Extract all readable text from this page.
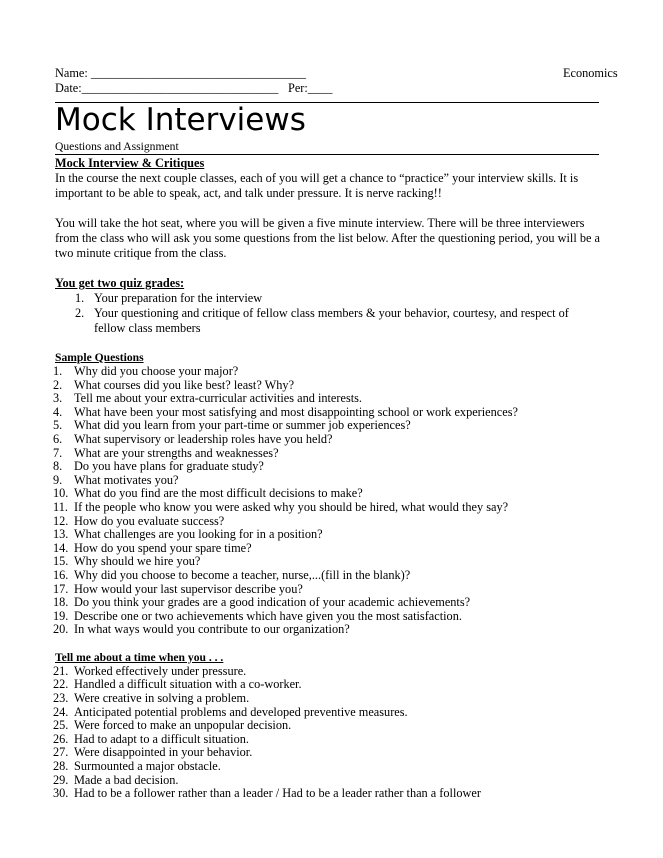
Name: ___________________________________	Economics
Date:________________________________ Per:____
Mock Interviews
Questions and Assignment

Mock Interview & Critiques

In the course the next couple classes, each of you will get a chance to “practice” your interview skills. It is important to be able to speak, act, and talk under pressure. It is nerve racking!!

You will take the hot seat, where you will be given a five minute interview. There will be three interviewers from the class who will ask you some questions from the list below. After the questioning period, you will be a two minute critique from the class.

You get two quiz grades:

1. Your preparation for the interview
2. Your questioning and critique of fellow class members & your behavior, courtesy, and respect of fellow class members

Sample Questions

1. Why did you choose your major?
2. What courses did you like best? least? Why?
3. Tell me about your extra-curricular activities and interests.
4. What have been your most satisfying and most disappointing school or work experiences?
5. What did you learn from your part-time or summer job experiences?
6. What supervisory or leadership roles have you held?
7. What are your strengths and weaknesses?
8. Do you have plans for graduate study?
9. What motivates you?
10. What do you find are the most difficult decisions to make?
11. If the people who know you were asked why you should be hired, what would they say?
12. How do you evaluate success?
13. What challenges are you looking for in a position?
14. How do you spend your spare time?
15. Why should we hire you?
16. Why did you choose to become a teacher, nurse,...(fill in the blank)?
17. How would your last supervisor describe you?
18. Do you think your grades are a good indication of your academic achievements?
19. Describe one or two achievements which have given you the most satisfaction.
20. In what ways would you contribute to our organization?

Tell me about a time when you . . .

21. Worked effectively under pressure.
22. Handled a difficult situation with a co-worker.
23. Were creative in solving a problem.
24. Anticipated potential problems and developed preventive measures.
25. Were forced to make an unpopular decision.
26. Had to adapt to a difficult situation.
27. Were disappointed in your behavior.
28. Surmounted a major obstacle.
29. Made a bad decision.
30. Had to be a follower rather than a leader / Had to be a leader rather than a follower
